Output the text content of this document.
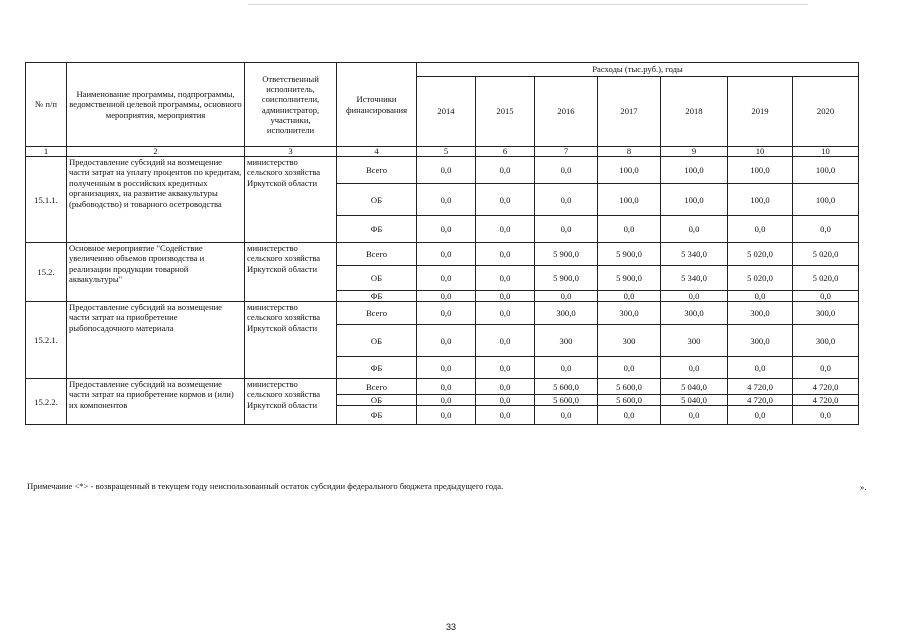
№ п/п	Наименование программы, подпрограммы, ведомственной целевой программы, основного мероприятия, мероприятия	Ответственный исполнитель, соисполнители, администратор, участники, исполнители	Источники финансирования	Расходы (тыс.руб.), годы						
				2014	2015	2016	2017	2018	2019	2020
1	2	3	4	5	6	7	8	9	10	10
15.1.1.	Предоставление субсидий на возмещение части затрат на уплату процентов по кредитам, полученным в российских кредитных организациях, на развитие аквакультуры (рыбоводство) и товарного осетроводства	министерство сельского хозяйства Иркутской области	Всего	0,0	0,0	0,0	100,0	100,0	100,0	100,0
			ОБ	0,0	0,0	0,0	100,0	100,0	100,0	100,0
			ФБ	0,0	0,0	0,0	0,0	0,0	0,0	0,0
15.2.	Основное мероприятие "Содействие увеличению объемов производства и реализации продукции товарной аквакультуры"	министерство сельского хозяйства Иркутской области	Всего	0,0	0,0	5 900,0	5 900,0	5 340,0	5 020,0	5 020,0
			ОБ	0,0	0,0	5 900,0	5 900,0	5 340,0	5 020,0	5 020,0
			ФБ	0,0	0,0	0,0	0,0	0,0	0,0	0,0
15.2.1.	Предоставление субсидий на возмещение части затрат на приобретение рыбопосадочного материала	министерство сельского хозяйства Иркутской области	Всего	0,0	0,0	300,0	300,0	300,0	300,0	300,0
			ОБ	0,0	0,0	300	300	300	300,0	300,0
			ФБ	0,0	0,0	0,0	0,0	0,0	0,0	0,0
15.2.2.	Предоставление субсидий на возмещение части затрат на приобретение кормов и (или) их компонентов	министерство сельского хозяйства Иркутской области	Всего	0,0	0,0	5 600,0	5 600,0	5 040,0	4 720,0	4 720,0
			ОБ	0,0	0,0	5 600,0	5 600,0	5 040,0	4 720,0	4 720,0
			ФБ	0,0	0,0	0,0	0,0	0,0	0,0	0,0
Примечание <*> - возвращенный в текущем году неиспользованный остаток субсидии федерального бюджета предыдущего года.	».
33
